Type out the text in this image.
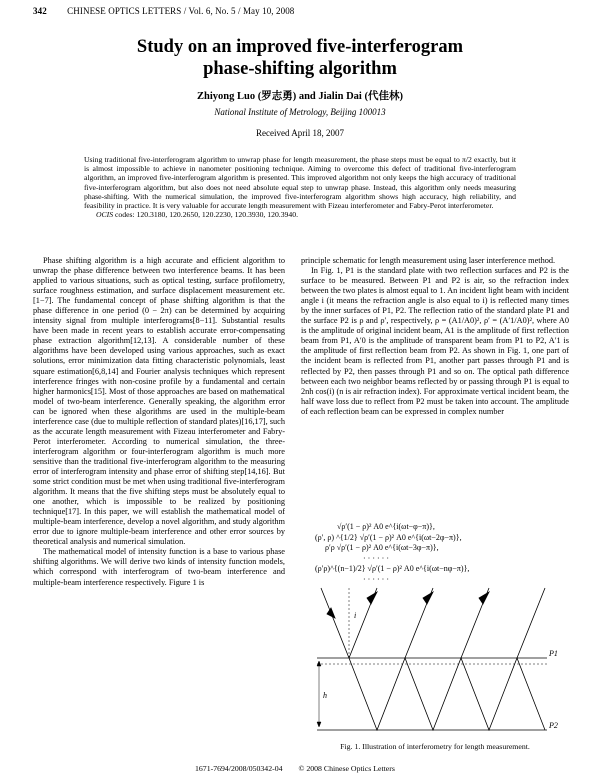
342 CHINESE OPTICS LETTERS / Vol. 6, No. 5 / May 10, 2008
Study on an improved five-interferogram
phase-shifting algorithm
Zhiyong Luo (罗志勇) and Jialin Dai (代佳林)
National Institute of Metrology, Beijing 100013
Received April 18, 2007
Using traditional five-interferogram algorithm to unwrap phase for length measurement, the phase steps must be equal to π/2 exactly, but it is almost impossible to achieve in nanometer positioning technique. Aiming to overcome this defect of traditional five-interferogram algorithm, an improved five-interferogram algorithm is presented. This improved algorithm not only keeps the high accuracy of traditional five-interferogram algorithm, but also does not need absolute equal step to unwrap phase. Instead, this algorithm only needs measuring phase-shifting. With the numerical simulation, the improved five-interferogram algorithm shows high accuracy, high reliability, and feasibility in practice. It is very valuable for accurate length measurement with Fizeau interferometer and Fabry-Perot interferometer.
OCIS codes: 120.3180, 120.2650, 120.2230, 120.3930, 120.3940.

Phase shifting algorithm is a high accurate and efficient algorithm to unwrap the phase difference between two interference beams. It has been applied to various situations, such as optical testing, surface profilometry, surface roughness estimation, and surface displacement measurement etc.[1−7]. The fundamental concept of phase shifting algorithm is that the phase difference in one period (0 − 2π) can be determined by acquiring intensity signal from multiple interferograms[8−11]. Substantial results have been made in recent years to establish accurate error-compensating phase extraction algorithm[12,13]. A considerable number of these algorithms have been developed using various approaches, such as exact solutions, error minimization data fitting characteristic polynomials, least square estimation[6,8,14] and Fourier analysis techniques which represent interference fringes with non-cosine profile by a fundamental and certain higher harmonics[15]. Most of those approaches are based on mathematical model of two-beam interference. Generally speaking, the algorithm error can be ignored when these algorithms are used in the multiple-beam interference case (due to multiple reflection of standard plates)[16,17], such as the accurate length measurement with Fizeau interferometer and Fabry-Perot interferometer. According to numerical simulation, the three-interferogram algorithm or four-interferogram algorithm is much more sensitive than the traditional five-interferogram algorithm to the measuring error of interferogram intensity and phase error of shifting step[14,16]. But some strict condition must be met when using traditional five-interferogram algorithm. It means that the five shifting steps must be absolutely equal to one another, which is impossible to be realized by positioning technique[17]. In this paper, we will establish the mathematical model of multiple-beam interference, develop a novel algorithm, and study algorithm error due to ignore multiple-beam interference and other error sources by theoretical analysis and numerical simulation.

The mathematical model of intensity function is a base to various phase shifting algorithms. We will derive two kinds of intensity function models, which correspond with interferogram of two-beam interference and multiple-beam interference respectively. Figure 1 is

principle schematic for length measurement using laser interference method.

In Fig. 1, P1 is the standard plate with two reflection surfaces and P2 is the surface to be measured. Between P1 and P2 is air, so the refraction index between the two plates is almost equal to 1. An incident light beam with incident angle i (it means the refraction angle is also equal to i) is reflected many times by the inner surfaces of P1, P2. The reflection ratio of the standard plate P1 and the surface P2 is ρ and ρ′, respectively, ρ = (A1/A0)², ρ′ = (A′1/A0)², where A0 is the amplitude of original incident beam, A1 is the amplitude of first reflection beam from P1, A′0 is the amplitude of transparent beam from P1 to P2, A′1 is the amplitude of first reflection beam from P2. As shown in Fig. 1, one part of the incident beam is reflected from P1, another part passes through P1 and is reflected by P2, then passes through P1 and so on. The optical path difference between each two neighbor beams reflected by or passing through P1 is equal to 2nh cos(i) (n is air refraction index). For approximate vertical incident beam, the half wave loss due to reflect from P2 must be taken into account. The amplitude of each reflection beam can be expressed in complex number

√ρ′(1 − ρ)² A0 e^{i(ωt−φ−π)},
(ρ′, ρ) ^{1/2} √ρ′(1 − ρ)² A0 e^{i(ωt−2φ−π)},
ρ′ρ √ρ′(1 − ρ)² A0 e^{i(ωt−3φ−π)},
· · · · · ·
(ρ′ρ)^{(n−1)/2} √ρ′(1 − ρ)² A0 e^{i(ωt−nφ−π)},
· · · · · ·
h
i
P1
P2
Fig. 1. Illustration of interferometry for length measurement.
1671-7694/2008/050342-04 © 2008 Chinese Optics Letters
